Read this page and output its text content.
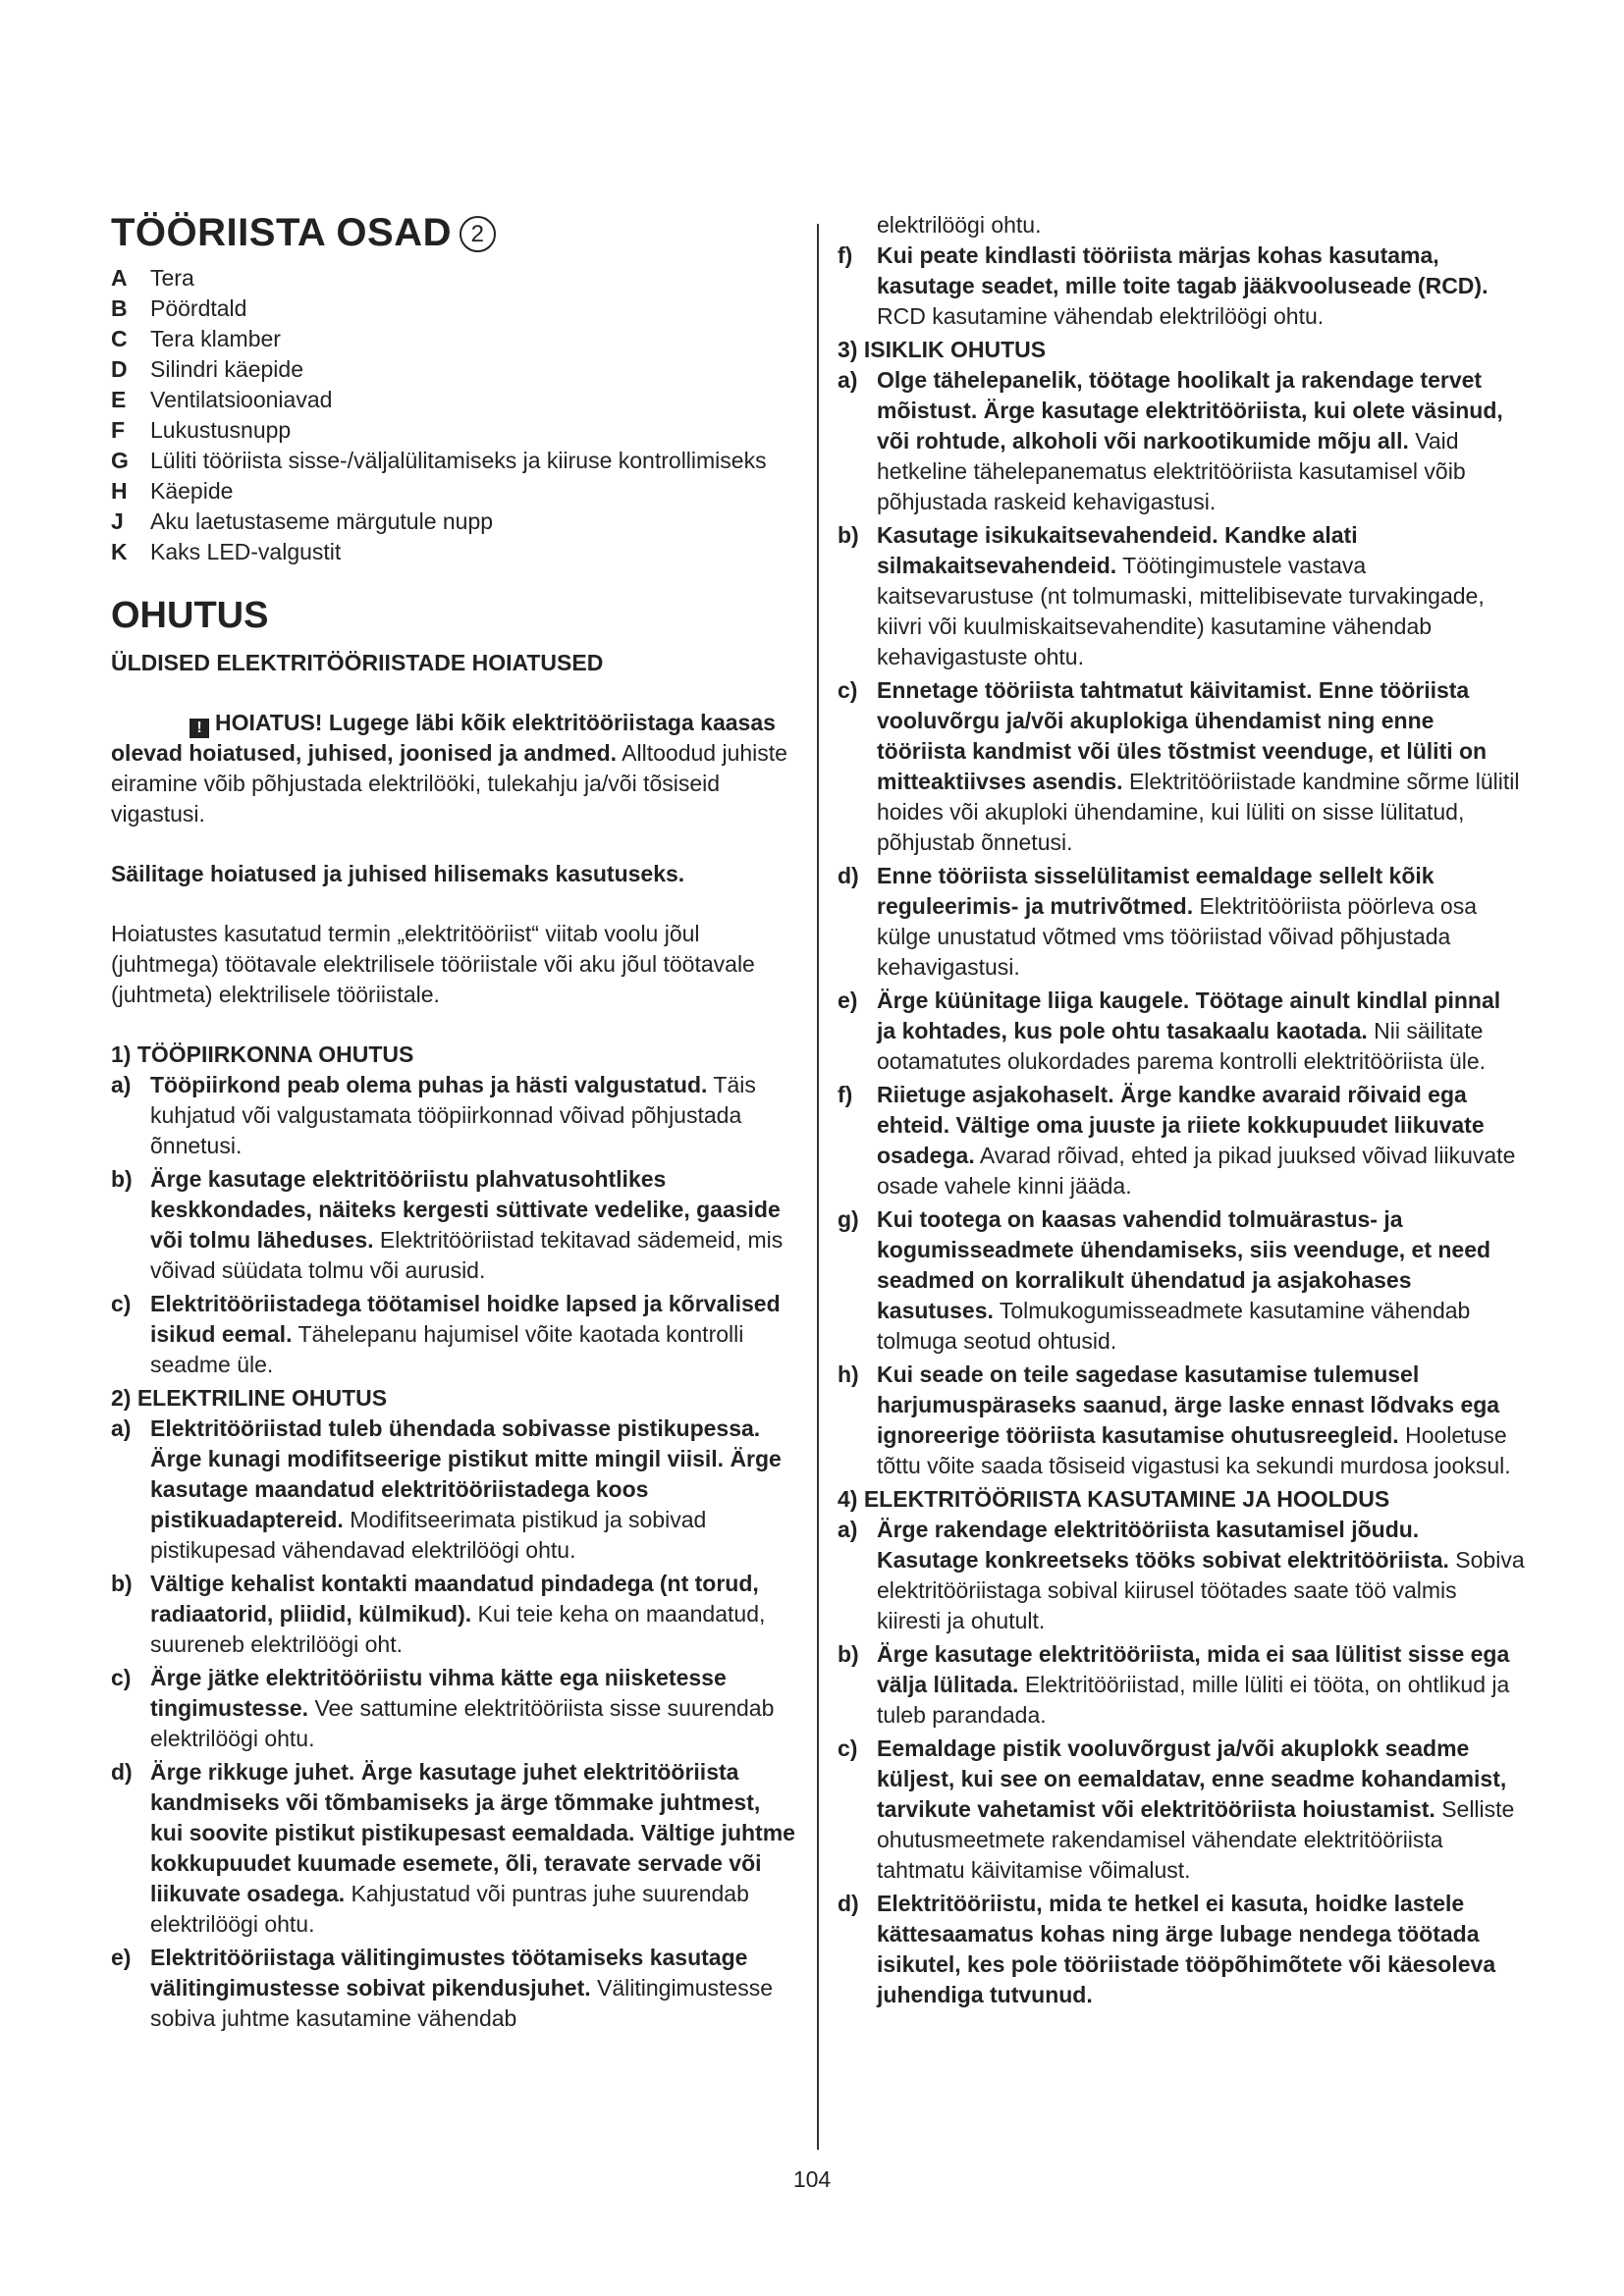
TÖÖRIISTA OSAD 2
A	Tera
B	Pöördtald
C	Tera klamber
D	Silindri käepide
E	Ventilatsiooniavad
F	Lukustusnupp
G Lüliti tööriista sisse-/väljalülitamiseks ja kiiruse kontrollimiseks
H	Käepide
J	Aku laetustaseme märgutule nupp
K	Kaks LED-valgustit
OHUTUS
ÜLDISED ELEKTRITÖÖRIISTADE HOIATUSED
! HOIATUS! Lugege läbi kõik elektritööriistaga kaasas olevad hoiatused, juhised, joonised ja andmed. Alltoodud juhiste eiramine võib põhjustada elektrilööki, tulekahju ja/või tõsiseid vigastusi.
Säilitage hoiatused ja juhised hilisemaks kasutuseks.
Hoiatustes kasutatud termin „elektritööriist“ viitab voolu jõul (juhtmega) töötavale elektrilisele tööriistale või aku jõul töötavale (juhtmeta) elektrilisele tööriistale.
1) TÖÖPIIRKONNA OHUTUS
a) Tööpiirkond peab olema puhas ja hästi valgustatud. Täis kuhjatud või valgustamata tööpiirkonnad võivad põhjustada õnnetusi.
b) Ärge kasutage elektritööriistu plahvatusohtlikes keskkondades, näiteks kergesti süttivate vedelike, gaaside või tolmu läheduses. Elektritööriistad tekitavad sädemeid, mis võivad süüdata tolmu või aurusid.
c) Elektritööriistadega töötamisel hoidke lapsed ja kõrvalised isikud eemal. Tähelepanu hajumisel võite kaotada kontrolli seadme üle.
2) ELEKTRILINE OHUTUS
a) Elektritööriistad tuleb ühendada sobivasse pistikupessa. Ärge kunagi modifitseerige pistikut mitte mingil viisil. Ärge kasutage maandatud elektritööriistadega koos pistikuadaptereid. Modifitseerimata pistikud ja sobivad pistikupesad vähendavad elektrilöögi ohtu.
b) Vältige kehalist kontakti maandatud pindadega (nt torud, radiaatorid, pliidid, külmikud). Kui teie keha on maandatud, suureneb elektrilöögi oht.
c) Ärge jätke elektritööriistu vihma kätte ega niisketesse tingimustesse. Vee sattumine elektritööriista sisse suurendab elektrilöögi ohtu.
d) Ärge rikkuge juhet. Ärge kasutage juhet elektritööriista kandmiseks või tõmbamiseks ja ärge tõmmake juhtmest, kui soovite pistikut pistikupesast eemaldada. Vältige juhtme kokkupuudet kuumade esemete, õli, teravate servade või liikuvate osadega. Kahjustatud või puntras juhe suurendab elektrilöögi ohtu.
e) Elektritööriistaga välitingimustes töötamiseks kasutage välitingimustesse sobivat pikendusjuhet. Välitingimustesse sobiva juhtme kasutamine vähendab
elektrilöögi ohtu.
f)	Kui peate kindlasti tööriista märjas kohas kasutama, kasutage seadet, mille toite tagab jääkvooluseade (RCD). RCD kasutamine vähendab elektrilöögi ohtu.
3) ISIKLIK OHUTUS
a) Olge tähelepanelik, töötage hoolikalt ja rakendage tervet mõistust. Ärge kasutage elektritööriista, kui olete väsinud, või rohtude, alkoholi või narkootikumide mõju all. Vaid hetkeline tähelepanematus elektritööriista kasutamisel võib põhjustada raskeid kehavigastusi.
b) Kasutage isikukaitsevahendeid. Kandke alati silmakaitsevahendeid. Töötingimustele vastava kaitsevarustuse (nt tolmumaski, mittelibisevate turvakingade, kiivri või kuulmiskaitsevahendite) kasutamine vähendab kehavigastuste ohtu.
c) Ennetage tööriista tahtmatut käivitamist. Enne tööriista vooluvõrgu ja/või akuplokiga ühendamist ning enne tööriista kandmist või üles tõstmist veenduge, et lüliti on mitteaktiivses asendis. Elektritööriistade kandmine sõrme lülitil hoides või akuploki ühendamine, kui lüliti on sisse lülitatud, põhjustab õnnetusi.
d) Enne tööriista sisselülitamist eemaldage sellelt kõik reguleerimis- ja mutrivõtmed. Elektritööriista pöörleva osa külge unustatud võtmed vms tööriistad võivad põhjustada kehavigastusi.
e) Ärge küünitage liiga kaugele. Töötage ainult kindlal pinnal ja kohtades, kus pole ohtu tasakaalu kaotada. Nii säilitate ootamatutes olukordades parema kontrolli elektritööriista üle.
f)	Riietuge asjakohaselt. Ärge kandke avaraid rõivaid ega ehteid. Vältige oma juuste ja riiete kokkupuudet liikuvate osadega. Avarad rõivad, ehted ja pikad juuksed võivad liikuvate osade vahele kinni jääda.
g) Kui tootega on kaasas vahendid tolmuärastus- ja kogumisseadmete ühendamiseks, siis veenduge, et need seadmed on korralikult ühendatud ja asjakohases kasutuses. Tolmukogumisseadmete kasutamine vähendab tolmuga seotud ohtusid.
h) Kui seade on teile sagedase kasutamise tulemusel harjumuspäraseks saanud, ärge laske ennast lõdvaks ega ignoreerige tööriista kasutamise ohutusreegleid. Hooletuse tõttu võite saada tõsiseid vigastusi ka sekundi murdosa jooksul.
4) ELEKTRITÖÖRIISTA KASUTAMINE JA HOOLDUS
a) Ärge rakendage elektritööriista kasutamisel jõudu. Kasutage konkreetseks tööks sobivat elektritööriista. Sobiva elektritööriistaga sobival kiirusel töötades saate töö valmis kiiresti ja ohutult.
b) Ärge kasutage elektritööriista, mida ei saa lülitist sisse ega välja lülitada. Elektritööriistad, mille lüliti ei tööta, on ohtlikud ja tuleb parandada.
c) Eemaldage pistik vooluvõrgust ja/või akuplokk seadme küljest, kui see on eemaldatav, enne seadme kohandamist, tarvikute vahetamist või elektritööriista hoiustamist. Selliste ohutusmeetmete rakendamisel vähendate elektritööriista tahtmatu käivitamise võimalust.
d) Elektritööriistu, mida te hetkel ei kasuta, hoidke lastele kättesaamatus kohas ning ärge lubage nendega töötada isikutel, kes pole tööriistade tööpõhimõtete või käesoleva juhendiga tutvunud.
104
